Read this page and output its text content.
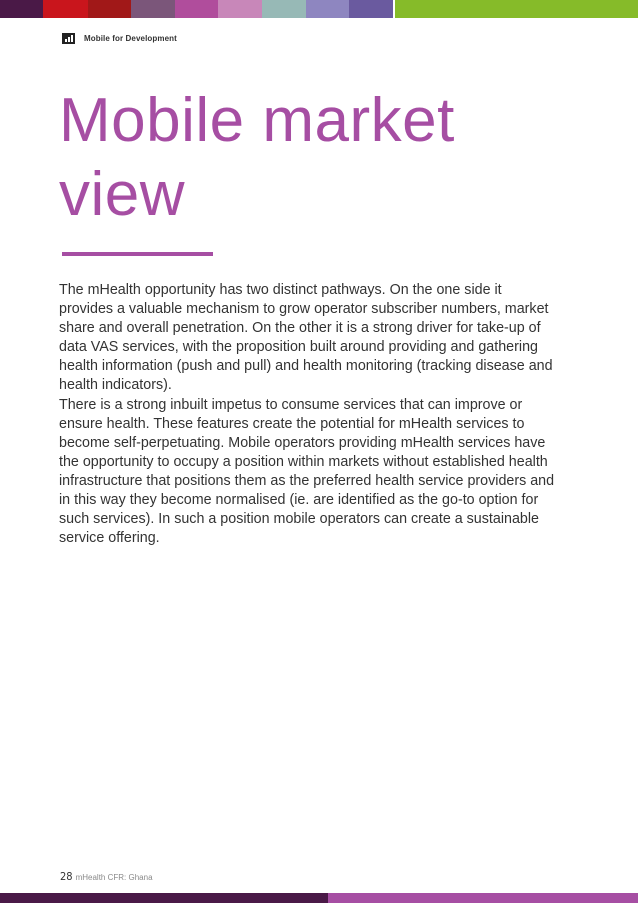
Mobile for Development
Mobile market
view

The mHealth opportunity has two distinct pathways. On the one side it provides a valuable mechanism to grow operator subscriber numbers, market share and overall penetration. On the other it is a strong driver for take-up of data VAS services, with the proposition built around providing and gathering health information (push and pull) and health monitoring (tracking disease and health indicators).

There is a strong inbuilt impetus to consume services that can improve or ensure health. These features create the potential for mHealth services to become self-perpetuating. Mobile operators providing mHealth services have the opportunity to occupy a position within markets without established health infrastructure that positions them as the preferred health service providers and in this way they become normalised (ie. are identified as the go-to option for such services). In such a position mobile operators can create a sustainable service offering.

28 mHealth CFR: Ghana
